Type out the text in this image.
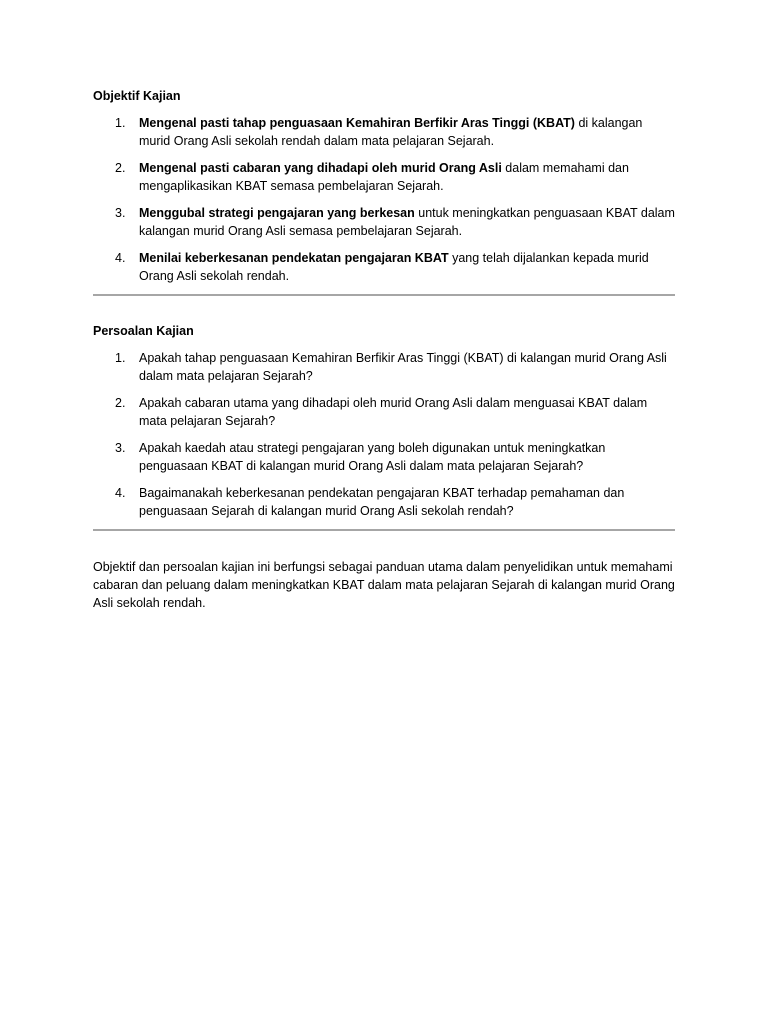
Objektif Kajian

1. Mengenal pasti tahap penguasaan Kemahiran Berfikir Aras Tinggi (KBAT) di kalangan murid Orang Asli sekolah rendah dalam mata pelajaran Sejarah.
2. Mengenal pasti cabaran yang dihadapi oleh murid Orang Asli dalam memahami dan mengaplikasikan KBAT semasa pembelajaran Sejarah.
3. Menggubal strategi pengajaran yang berkesan untuk meningkatkan penguasaan KBAT dalam kalangan murid Orang Asli semasa pembelajaran Sejarah.
4. Menilai keberkesanan pendekatan pengajaran KBAT yang telah dijalankan kepada murid Orang Asli sekolah rendah.

Persoalan Kajian

1. Apakah tahap penguasaan Kemahiran Berfikir Aras Tinggi (KBAT) di kalangan murid Orang Asli dalam mata pelajaran Sejarah?
2. Apakah cabaran utama yang dihadapi oleh murid Orang Asli dalam menguasai KBAT dalam mata pelajaran Sejarah?
3. Apakah kaedah atau strategi pengajaran yang boleh digunakan untuk meningkatkan penguasaan KBAT di kalangan murid Orang Asli dalam mata pelajaran Sejarah?
4. Bagaimanakah keberkesanan pendekatan pengajaran KBAT terhadap pemahaman dan penguasaan Sejarah di kalangan murid Orang Asli sekolah rendah?

Objektif dan persoalan kajian ini berfungsi sebagai panduan utama dalam penyelidikan untuk memahami cabaran dan peluang dalam meningkatkan KBAT dalam mata pelajaran Sejarah di kalangan murid Orang Asli sekolah rendah.
